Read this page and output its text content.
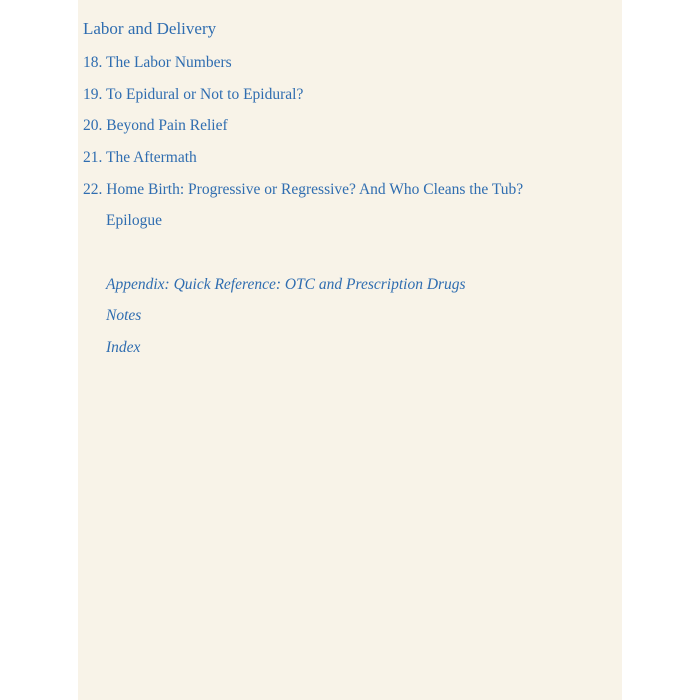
Labor and Delivery
18. The Labor Numbers
19. To Epidural or Not to Epidural?
20. Beyond Pain Relief
21. The Aftermath
22. Home Birth: Progressive or Regressive? And Who Cleans the Tub?
Epilogue
Appendix: Quick Reference: OTC and Prescription Drugs
Notes
Index
